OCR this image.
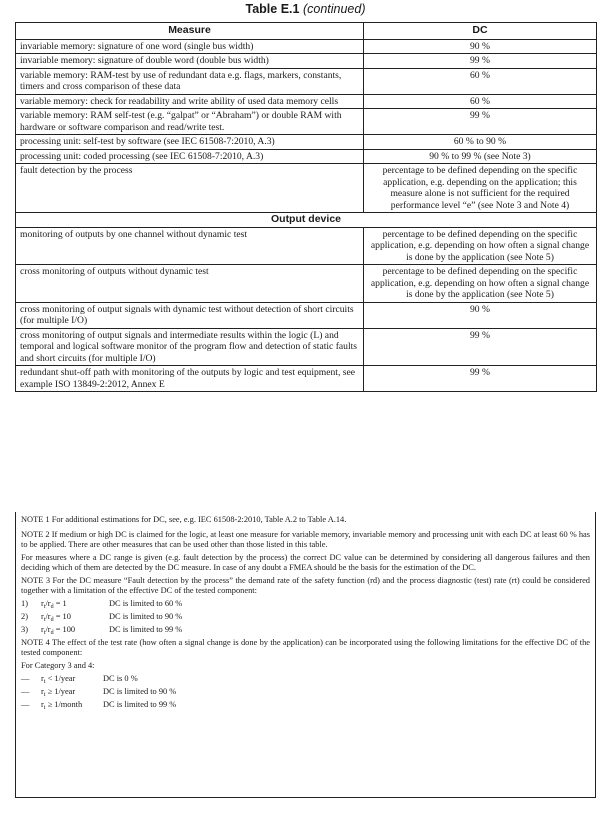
Table E.1 (continued)
Measure	DC
invariable memory: signature of one word (single bus width)	90 %
invariable memory: signature of double word (double bus width)	99 %
variable memory: RAM-test by use of redundant data e.g. flags, markers, constants, timers and cross comparison of these data	60 %
variable memory: check for readability and write ability of used data memory cells	60 %
variable memory: RAM self-test (e.g. “galpat” or “Abraham”) or double RAM with hardware or software comparison and read/write test.	99 %
processing unit: self-test by software (see IEC 61508-7:2010, A.3)	60 % to 90 %
processing unit: coded processing (see IEC 61508-7:2010, A.3)	90 % to 99 % (see Note 3)
fault detection by the process	percentage to be defined depending on the specific application, e.g. depending on the application; this measure alone is not sufficient for the required performance level “e” (see Note 3 and Note 4)
Output device	
monitoring of outputs by one channel without dynamic test	percentage to be defined depending on the specific application, e.g. depending on how often a signal change is done by the application (see Note 5)
cross monitoring of outputs without dynamic test	percentage to be defined depending on the specific application, e.g. depending on how often a signal change is done by the application (see Note 5)
cross monitoring of output signals with dynamic test without detection of short circuits (for multiple I/O)	90 %
cross monitoring of output signals and intermediate results within the logic (L) and temporal and logical software monitor of the program flow and detection of static faults and short circuits (for multiple I/O)	99 %
redundant shut-off path with monitoring of the outputs by logic and test equipment, see example ISO 13849-2:2012, Annex E	99 %

NOTE 1 For additional estimations for DC, see, e.g. IEC 61508-2:2010, Table A.2 to Table A.14.

NOTE 2 If medium or high DC is claimed for the logic, at least one measure for variable memory, invariable memory and processing unit with each DC at least 60 % has to be applied. There are other measures that can be used other than those listed in this table.

For measures where a DC range is given (e.g. fault detection by the process) the correct DC value can be determined by considering all dangerous failures and then deciding which of them are detected by the DC measure. In case of any doubt a FMEA should be the basis for the estimation of the DC.

NOTE 3 For the DC measure “Fault detection by the process” the demand rate of the safety function (rd) and the process diagnostic (test) rate (rt) could be considered together with a limitation of the effective DC of the tested component:

1)	$r_t/r_d = 1$	DC is limited to 60 %
2)	$r_t/r_d = 10$	DC is limited to 90 %
3)	$r_t/r_d = 100$	DC is limited to 99 %

NOTE 4 The effect of the test rate (how often a signal change is done by the application) can be incorporated using the following limitations for the effective DC of the tested component:

For Category 3 and 4:

—	$r_t$ < 1/year	DC is 0 %
—	$r_t$ ≥ 1/year	DC is limited to 90 %
—	$r_t$ ≥ 1/month	DC is limited to 99 %
